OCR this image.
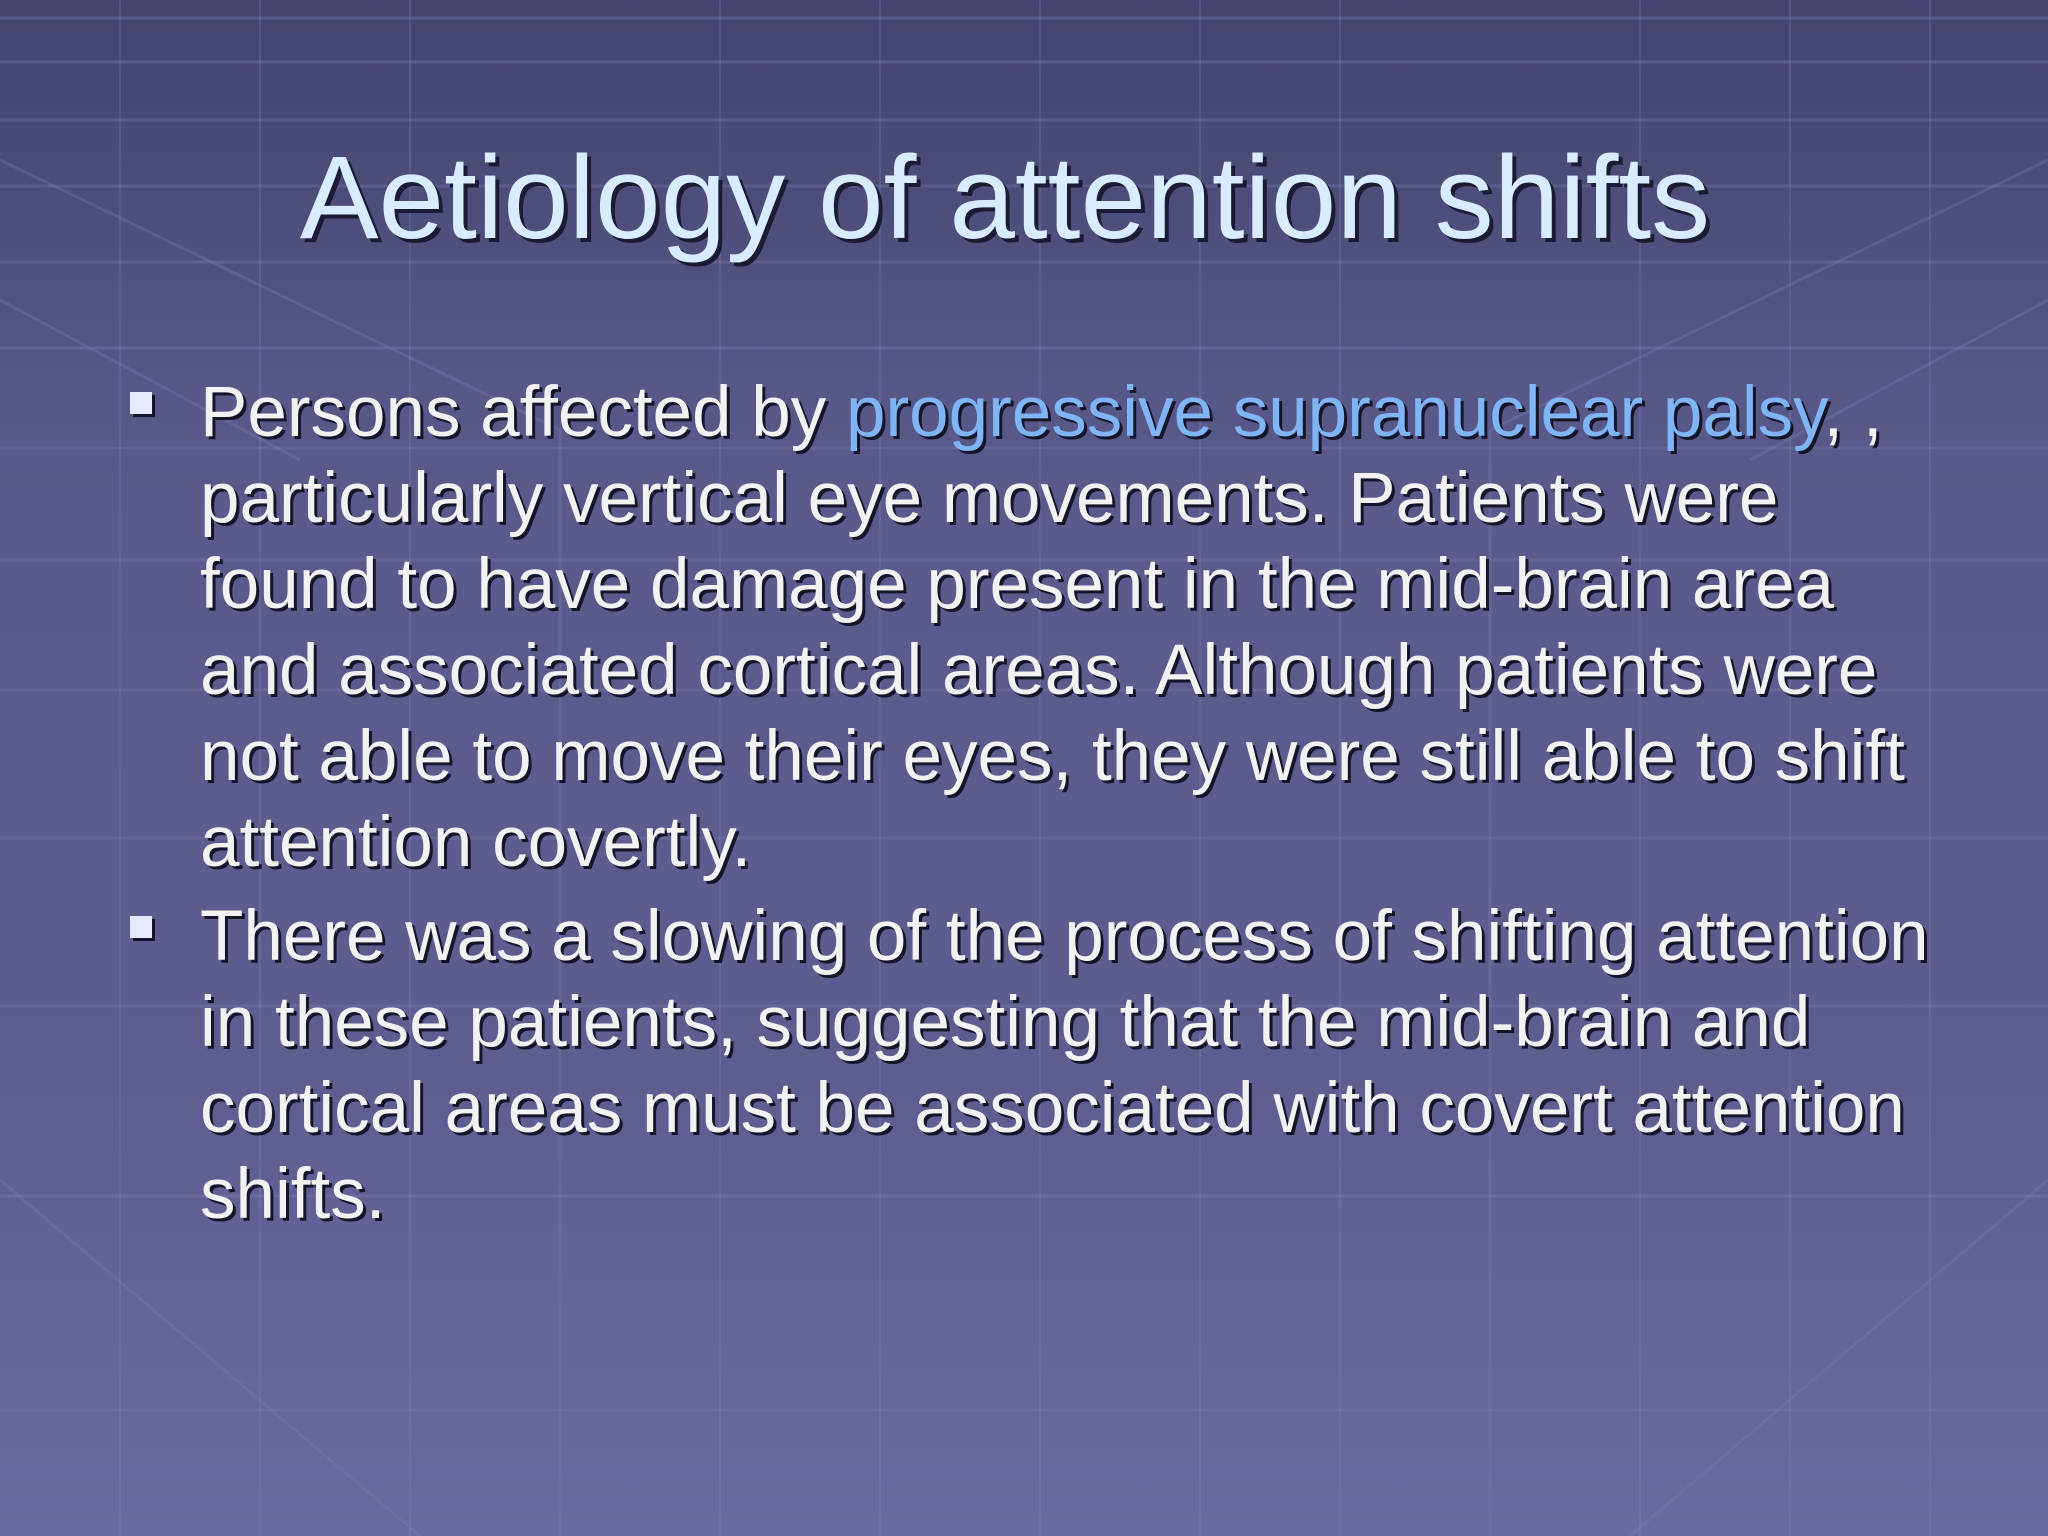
Aetiology of attention shifts
Persons affected by progressive supranuclear palsy, , particularly vertical eye movements. Patients were found to have damage present in the mid-brain area and associated cortical areas. Although patients were not able to move their eyes, they were still able to shift attention covertly.
There was a slowing of the process of shifting attention in these patients, suggesting that the mid-brain and cortical areas must be associated with covert attention shifts.
